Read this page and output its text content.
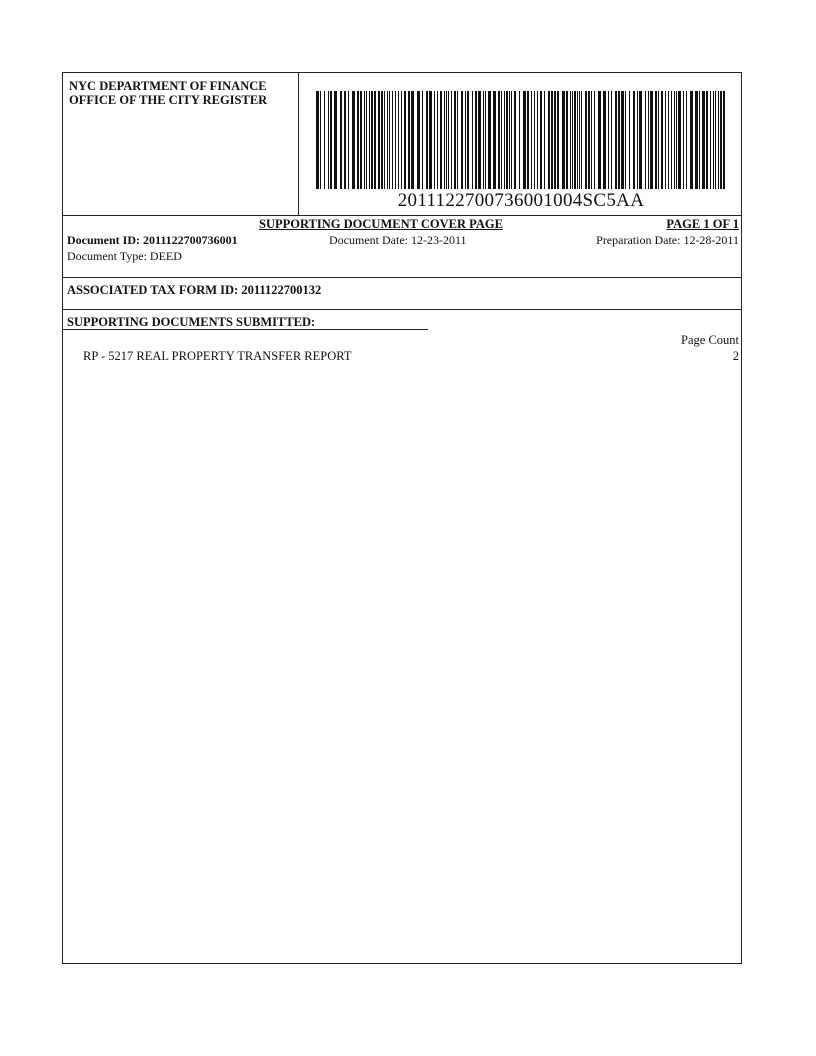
NYC DEPARTMENT OF FINANCE
OFFICE OF THE CITY REGISTER
2011122700736001004SC5AA
SUPPORTING DOCUMENT COVER PAGE	PAGE 1 OF 1
Document ID: 2011122700736001	Document Date: 12-23-2011	Preparation Date: 12-28-2011
Document Type: DEED
ASSOCIATED TAX FORM ID: 2011122700132
SUPPORTING DOCUMENTS SUBMITTED:
Page Count
RP - 5217 REAL PROPERTY TRANSFER REPORT	2
